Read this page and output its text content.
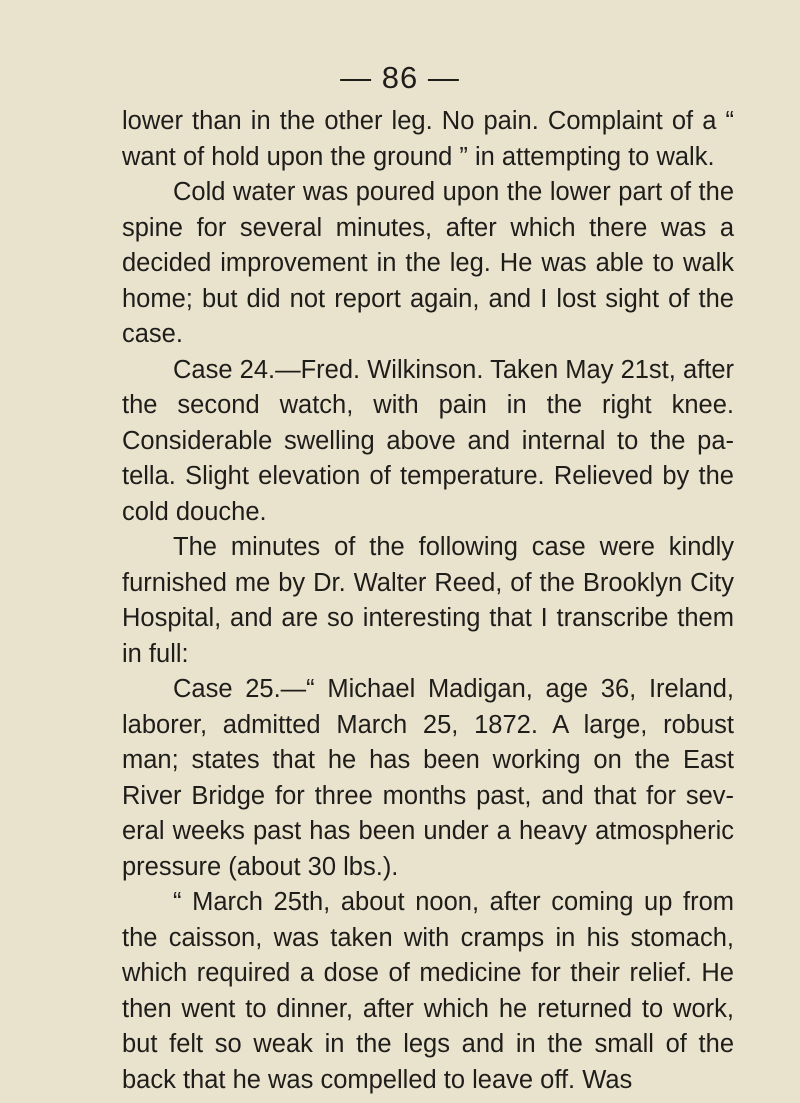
— 86 —

lower than in the other leg. No pain. Complaint of a “ want of hold upon the ground ” in attempting to walk.

Cold water was poured upon the lower part of the spine for several minutes, after which there was a decided improvement in the leg. He was able to walk home; but did not report again, and I lost sight of the case.

Case 24.—Fred. Wilkinson. Taken May 21st, after the second watch, with pain in the right knee. Considerable swelling above and internal to the pa- tella. Slight elevation of temperature. Relieved by the cold douche.

The minutes of the following case were kindly furnished me by Dr. Walter Reed, of the Brooklyn City Hospital, and are so interesting that I transcribe them in full:

Case 25.—“ Michael Madigan, age 36, Ireland, laborer, admitted March 25, 1872. A large, robust man; states that he has been working on the East River Bridge for three months past, and that for sev- eral weeks past has been under a heavy atmospheric pressure (about 30 lbs.).

“ March 25th, about noon, after coming up from the caisson, was taken with cramps in his stomach, which required a dose of medicine for their relief. He then went to dinner, after which he returned to work, but felt so weak in the legs and in the small of the back that he was compelled to leave off. Was
